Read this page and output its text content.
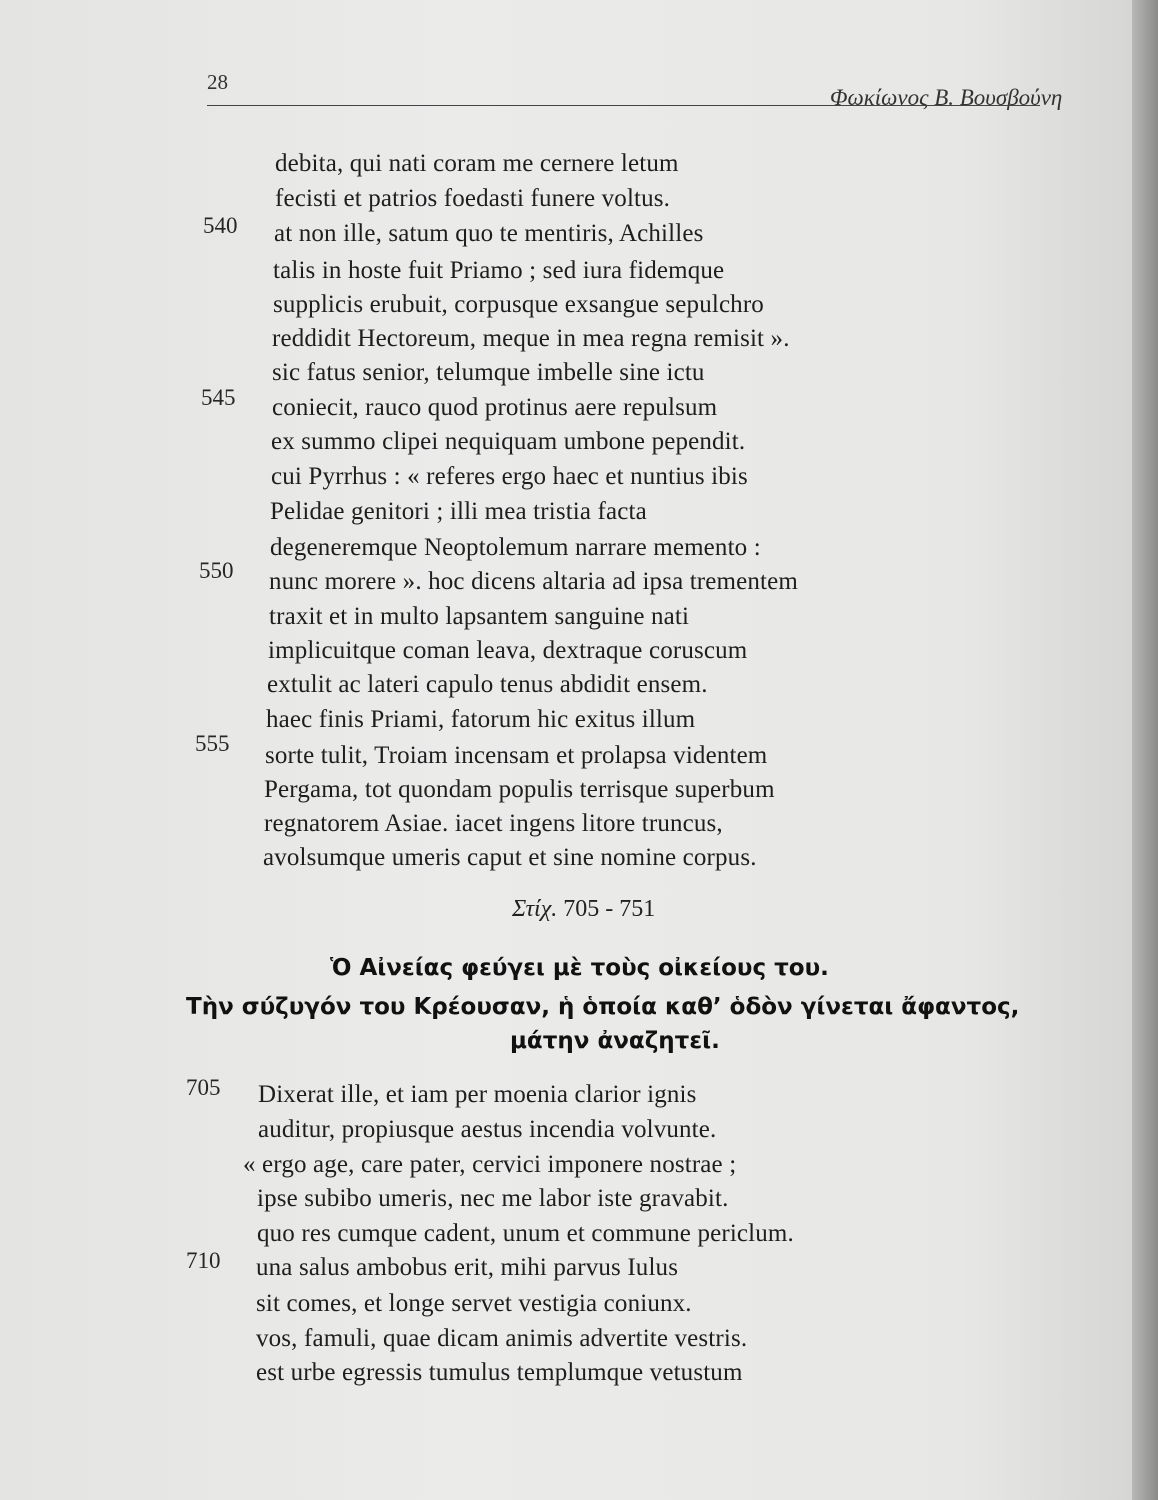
28
Φωκίωνος Β. Βουσβούνη
debita, qui nati coram me cernere letum
fecisti et patrios foedasti funere voltus.
540 at non ille, satum quo te mentiris, Achilles
talis in hoste fuit Priamo ; sed iura fidemque
supplicis erubuit, corpusque exsangue sepulchro
reddidit Hectoreum, meque in mea regna remisit ».
sic fatus senior, telumque imbelle sine ictu
545 coniecit, rauco quod protinus aere repulsum
ex summo clipei nequiquam umbone pependit.
cui Pyrrhus : « referes ergo haec et nuntius ibis
Pelidae genitori ; illi mea tristia facta
degeneremque Neoptolemum narrare memento :
550 nunc morere ». hoc dicens altaria ad ipsa trementem
traxit et in multo lapsantem sanguine nati
implicuitque coman leava, dextraque coruscum
extulit ac lateri capulo tenus abdidit ensem.
haec finis Priami, fatorum hic exitus illum
555 sorte tulit, Troiam incensam et prolapsa videntem
Pergama, tot quondam populis terrisque superbum
regnatorem Asiae. iacet ingens litore truncus,
avolsumque umeris caput et sine nomine corpus.
Στίχ. 705 - 751
Ὁ Αἰνείας φεύγει μὲ τοὺς οἰκείους του.
Τὴν σύζυγόν του Κρέουσαν, ἡ ὁποία καθ’ ὁδὸν γίνεται ἄφαντος,
μάτην ἀναζητεῖ.
705 Dixerat ille, et iam per moenia clarior ignis
auditur, propiusque aestus incendia volvunte.
« ergo age, care pater, cervici imponere nostrae ;
ipse subibo umeris, nec me labor iste gravabit.
quo res cumque cadent, unum et commune periclum.
710 una salus ambobus erit, mihi parvus Iulus
sit comes, et longe servet vestigia coniunx.
vos, famuli, quae dicam animis advertite vestris.
est urbe egressis tumulus templumque vetustum
